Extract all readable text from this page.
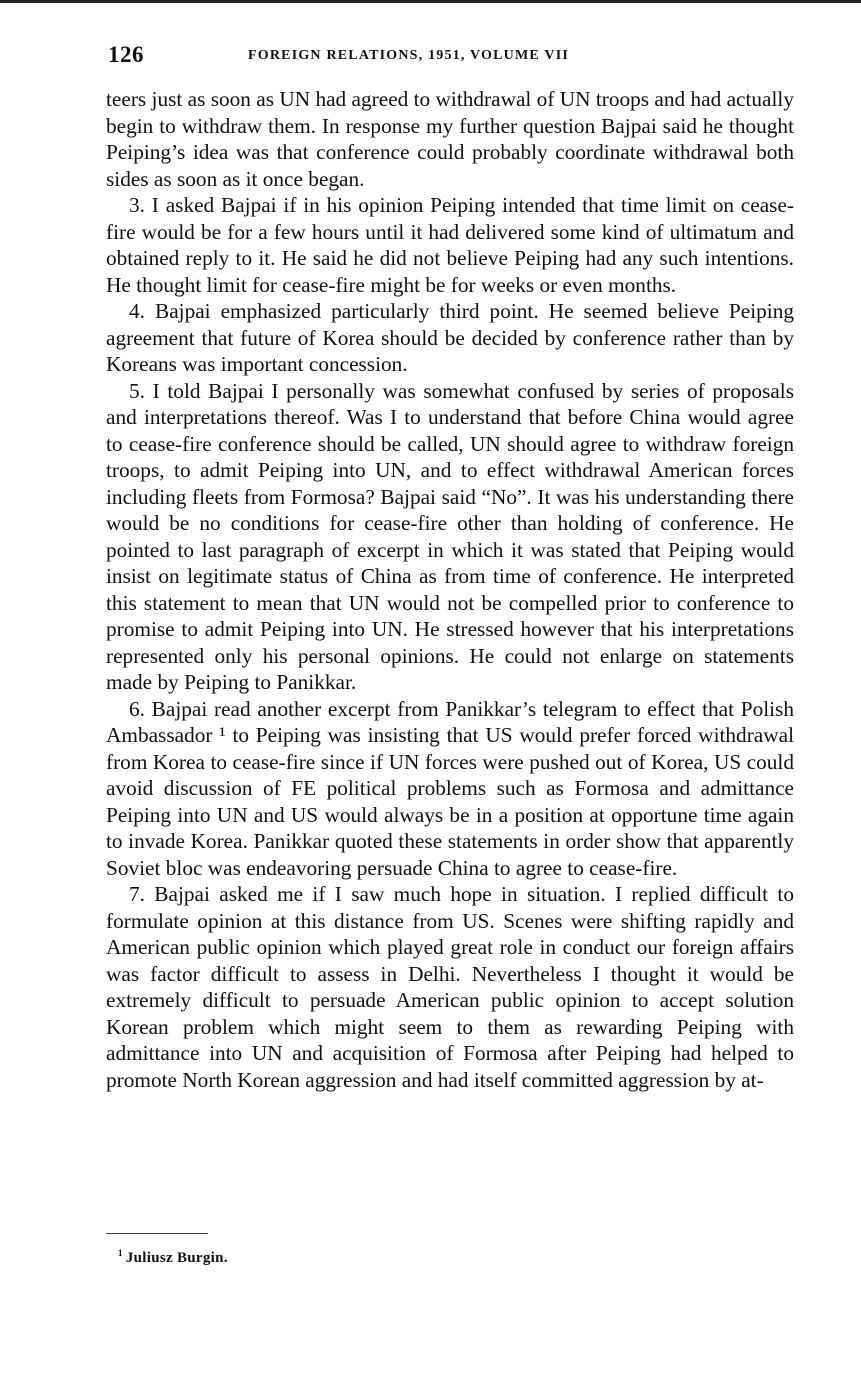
126	FOREIGN RELATIONS, 1951, VOLUME VII

teers just as soon as UN had agreed to withdrawal of UN troops and had actually begin to withdraw them. In response my further question Bajpai said he thought Peiping’s idea was that conference could probably coordinate withdrawal both sides as soon as it once began.

3. I asked Bajpai if in his opinion Peiping intended that time limit on cease-fire would be for a few hours until it had delivered some kind of ultimatum and obtained reply to it. He said he did not believe Peiping had any such intentions. He thought limit for cease-fire might be for weeks or even months.

4. Bajpai emphasized particularly third point. He seemed believe Peiping agreement that future of Korea should be decided by conference rather than by Koreans was important concession.

5. I told Bajpai I personally was somewhat confused by series of proposals and interpretations thereof. Was I to understand that before China would agree to cease-fire conference should be called, UN should agree to withdraw foreign troops, to admit Peiping into UN, and to effect withdrawal American forces including fleets from Formosa? Bajpai said “No”. It was his understanding there would be no conditions for cease-fire other than holding of conference. He pointed to last paragraph of excerpt in which it was stated that Peiping would insist on legitimate status of China as from time of conference. He interpreted this statement to mean that UN would not be compelled prior to conference to promise to admit Peiping into UN. He stressed however that his interpretations represented only his personal opinions. He could not enlarge on statements made by Peiping to Panikkar.

6. Bajpai read another excerpt from Panikkar’s telegram to effect that Polish Ambassador ¹ to Peiping was insisting that US would prefer forced withdrawal from Korea to cease-fire since if UN forces were pushed out of Korea, US could avoid discussion of FE political problems such as Formosa and admittance Peiping into UN and US would always be in a position at opportune time again to invade Korea. Panikkar quoted these statements in order show that apparently Soviet bloc was endeavoring persuade China to agree to cease-fire.

7. Bajpai asked me if I saw much hope in situation. I replied difficult to formulate opinion at this distance from US. Scenes were shifting rapidly and American public opinion which played great role in conduct our foreign affairs was factor difficult to assess in Delhi. Nevertheless I thought it would be extremely difficult to persuade American public opinion to accept solution Korean problem which might seem to them as rewarding Peiping with admittance into UN and acquisition of Formosa after Peiping had helped to promote North Korean aggression and had itself committed aggression by at-

$^1$ Juliusz Burgin.
